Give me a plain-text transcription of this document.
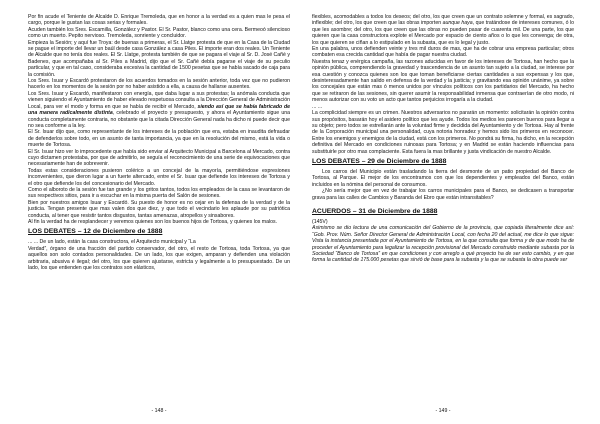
Por fin acude el Teniente de Alcalde D. Enrique Tremoleda, que en honor a la verdad es a quien mas le pesa el cargo, porque le gustan las cosas serias y formales.

Acuden también los Sres. Escamilla, González y Pastor. El Sr. Pastor, blanco como una cera. Bermeoó silencioso como un muerto. Pepito nervioso. Tremoleda, sonriente y concluidor.

Empieza la Sesión; y aquí fue Troya: de buenas a primeras, el Sr. Llatge protesta de que en la Casa de la Ciudad se pague el importe del llevar un baúl desde casa González a casa Piles. El importe eran dos reales. Un Teniente de Alcalde que no tenía dos reales. El Sr. Llatge, protesta también de que se pagara el viaje al Sr. D. José Cañé y Badenes, que acompañaba al Sr. Piles a Madrid, dijo que el Sr. Cañé debía pagarse el viaje de su peculio particular, y que en tal caso, consideraba excesiva la cantidad de 1500 pesetas que se había sacado de caja para la comisión.

Los Sres. Isuar y Escardó protestaron de los acuerdos tomados en la sesión anterior, toda vez que no pudieron hacerlo en los momentos de la sesión por no haber asistido a ella, a causa de hallarse ausentes.

Los Sres. Isuar y Escardó, manifestaron con energía, que daba lugar a sus protestas; la anómala conducta que vienen siguiendo el Ayuntamiento de haber elevado respetuosa consulta a la Dirección General de Administración Local, para ver el modo y forma en que se había de recibir el Mercado, siendo así que se había fabricado de una manera radicalmente distinta, celebrado el proyecto y presupuesto, y ahora el Ayuntamiento sigue una conducta completamente contraria, no obstante que la citada Dirección General nada ha dicho ni puede decir que no sea conforme a la ley.

El Sr. Isuar dijo que, como representante de los intereses de la población que era, estaba en inaudita defraudar de defenderlos sobre todo, en un asunto de tanta importancia, ya que en la resolución del mismo, está la vida o muerte de Tortosa.

El Sr. Isuar hizo ver lo improcedente que había sido enviar al Arquitecto Municipal a Barcelona al Mercado, contra cuyo dictamen protestaba, por que de admitirlo, se seguía el reconocimiento de una serie de equivocaciones que necesariamente han de sobrevenir.

Todas estas consideraciones pusieron colérico a un concejal de la mayoría, permitiéndose expresiones inconvenientes, que dieron lugar a un fuerte altercado, entre el Sr. Isuar que defiende los intereses de Tortosa y el otro que defiende los del concesionario del Mercado.

Como el alboroto de la sesión fue tan grande y los gritos tantos, todos los empleados de la casa se levantaron de sus respectivos sitios, para ir a escuchar en la misma puerta del Salón de sesiones.

Bien por nuestros amigos Isuar y Escardó. Su puesto de honor es no cejar en la defensa de la verdad y de la justicia. Tengan presente que mas valen dos que diez, y que todo el vecindario les aplaude por su patriótica conducta, al tener que resistir tantos disgustos, tantas amenazas, atropellos y sinsabores.

Al fin la verdad ha de resplandecer y veremos quienes son los buenos hijos de Tortosa, y quienes los malos.

LOS DEBATES – 12 de Diciembre de 1888

... ... De un lado, están la casa constructora, el Arquitecto municipal y “La

Verdad”, órgano de una fracción del partido conservador, del otro, el resto de Tortosa, toda Tortosa, ya que aquellos son solo contados personalidades. De un lado, los que exigen, amparan y defienden una violación arbitraria, abusiva é ilegal; del otro, los que quieren ajustarse, estricta y legalmente a lo presupuestado. De un lado, los que entienden que los contratos son elásticos,

- 148 -

flexibles, acomodables a todos los deseos; del otro, los que creen que un contrato solemne y formal, es sagrado, inflexible; del otro, los que creen que las obras importen aunque haya, que tratándose de intereses comunes, ó lo que les asombre; del otro, los que creen que las obras no pueden pasar de cuarenta mil. De una parte, los que quieren que la casa constructora explote el Mercado por espacio de ciento años o lo que les convenga; de otra, los que quieren se ciñan a lo estipulado en la subasta, que es lo legal y justo.

En una palabra, unos defienden veinte y tres mil duros de mas, que ha de cobrar una empresa particular; otros combaten esa crecida cantidad que había de pagar nuestra ciudad.

Nuestra tenaz y enérgica campaña, las razones aducidas en favor de los intereses de Tortosa, han hecho que la opinión pública, comprendiendo la gravedad y trascendencia de un asunto tan sujeto a la ciudad, se interese por esa cuestión y conozca quienes son los que toman beneficiarse ciertas cantidades a sus expensas y los que, desinteresadamente han salido en defensa de la verdad y la justicia; y gravitando esa opinión unánime, ya sobre los concejales que están mas ó menos unidos por vínculos políticos con los partidarios del Mercado, ha hecho que se retiraron de las sesiones, sin querer asumir la responsabilidad inmensa que contraerían de otro modo, ni menos autorizar con su voto un acto que tantos perjuicios irrogaría a la ciudad.

... ...

La complicidad siempre es un crimen. Nuestros adversarios no pararán un momento: solicitarán la opinión contra sus propósitos, basarán hoy el asidero político que les ayude. Todos los medios les parecen buenos para llegar a su objeto; pero todos se estrellarán ante la voluntad firme y decidida del Ayuntamiento y de Tortosa. Hay al frente de la Corporación municipal una personalidad, cuya notoria honradez y hemos sido los primeros en reconocer. Entre los enemigos y enemigos de la ciudad, está con los primeros. No pondrá su firma, ha dicho, en la recepción definitiva del Mercado en condiciones ruinosas para Tortosa; y en Madrid se están haciendo influencias para substituirle por otro mas complaciente. Esta fuera la mas brillante y justa vindicación de nuestro Alcalde.

LOS DEBATES – 29 de Diciembre de 1888

Los carros del Municipio están trasladando la tierra del desmonte de un patio propiedad del Banco de Tortosa, al Parque. El mejor de los encontramos con que los dependientes y empleados del Banco, están incluidos en la nómina del personal de consumos.

¿No sería mejor que en vez de trabajar los carros municipales para el Banco, se dedicasen a transportar grava para las calles de Cambios y Baranda del Ebro que están intransitables?

ACUERDOS – 31 de Diciembre de 1888

(145V)

Asimismo se dio lectura de una comunicación del Gobierno de la provincia, que copiada literalmente dice así: “Gob. Prov. Núm. Señor Director General de Administración Local, con fecha 20 del actual, me dice lo que sigue: Vista la instancia presentada por el Ayuntamiento de Tortosa, en la que consulta que forma y de que modo ha de proceder el Ayuntamiento para legalizar la recepción provisional del Mercado construido mediante subasta por la Sociedad “Banco de Tortosa” en que condiciones y con arreglo a qué proyecto ha de ser esto cambio, y en que forma la cantidad de 175.000 pesetas que sirvió de base para la subasta y la que se subasta la obra puede ser

- 149 -
